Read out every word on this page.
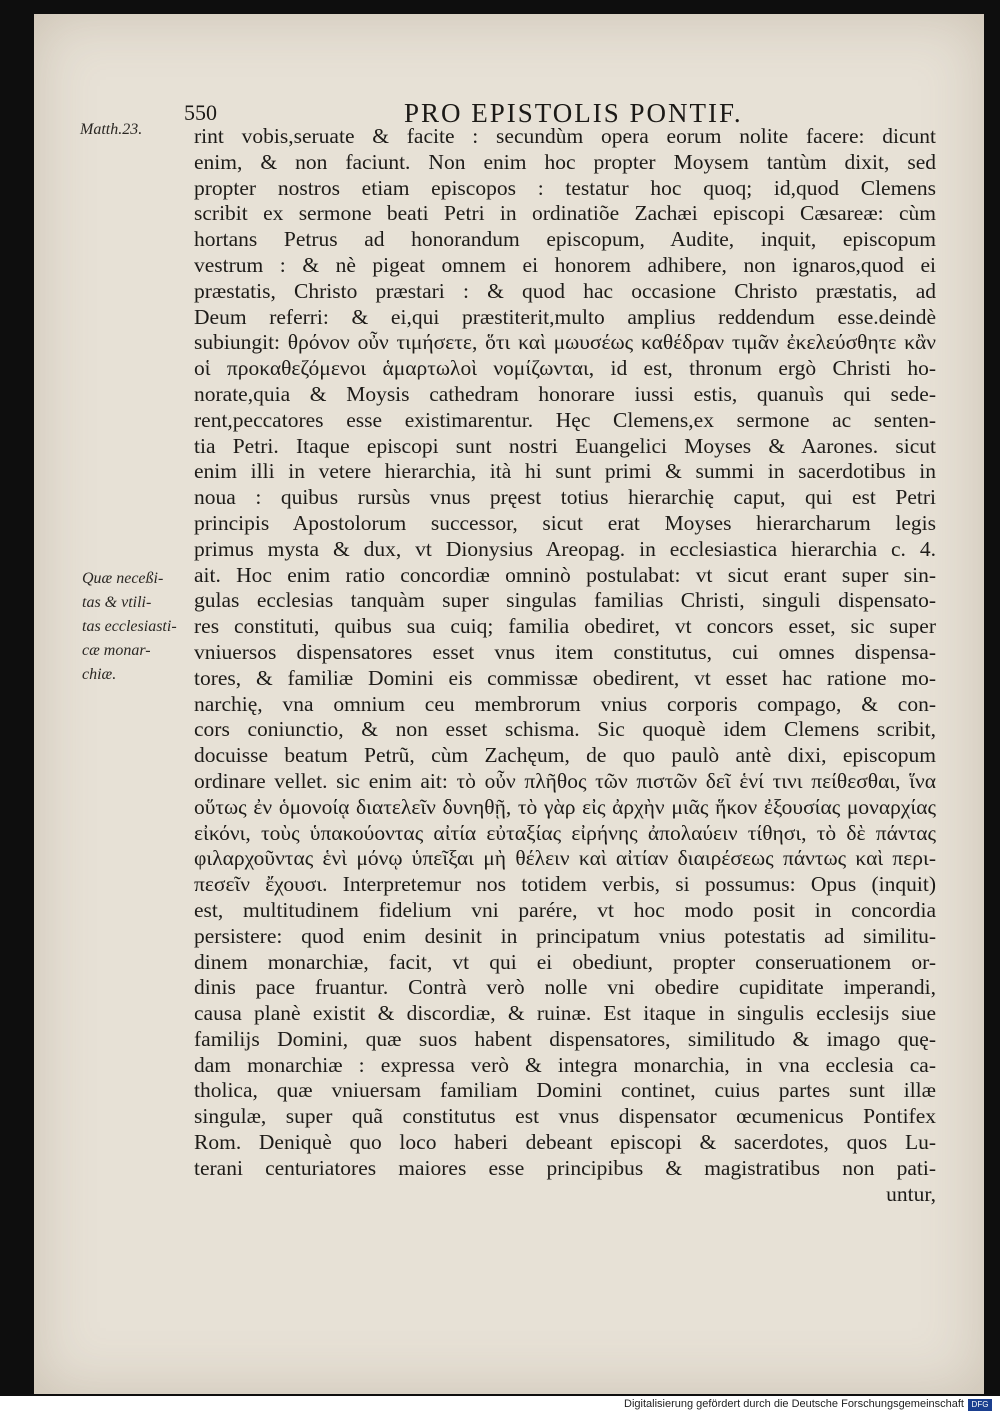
550	PRO EPISTOLIS PONTIF.
Matth.23.
Quæ neceßi-
tas & vtili-
tas ecclesiasti-
cæ monar-
chiæ.
rint vobis,seruate & facite : secundùm opera eorum nolite facere: dicunt
enim, & non faciunt. Non enim hoc propter Moysem tantùm dixit, sed
propter nostros etiam episcopos : testatur hoc quoq; id,quod Clemens
scribit ex sermone beati Petri in ordinatiõe Zachæi episcopi Cæsareæ: cùm
hortans Petrus ad honorandum episcopum, Audite, inquit, episcopum
vestrum : & nè pigeat omnem ei honorem adhibere, non ignaros,quod ei
præstatis, Christo præstari : & quod hac occasione Christo præstatis, ad
Deum referri: & ei,qui præstiterit,multo amplius reddendum esse.deindè
subiungit: θρόνον οὖν τιμήσετε, ὅτι καὶ μωυσέως καθέδραν τιμᾶν ἐκελεύσθητε κἂν
οἱ προκαθεζόμενοι ἁμαρτωλοὶ νομίζωνται, id est, thronum ergò Christi ho-
norate,quia & Moysis cathedram honorare iussi estis, quanuìs qui sede-
rent,peccatores esse existimarentur. Hęc Clemens,ex sermone ac senten-
tia Petri. Itaque episcopi sunt nostri Euangelici Moyses & Aarones. sicut
enim illi in vetere hierarchia, ità hi sunt primi & summi in sacerdotibus in
noua : quibus rursùs vnus pręest totius hierarchię caput, qui est Petri
principis Apostolorum successor, sicut erat Moyses hierarcharum legis
primus mysta & dux, vt Dionysius Areopag. in ecclesiastica hierarchia c. 4.
ait. Hoc enim ratio concordiæ omninò postulabat: vt sicut erant super sin-
gulas ecclesias tanquàm super singulas familias Christi, singuli dispensato-
res constituti, quibus sua cuiq; familia obediret, vt concors esset, sic super
vniuersos dispensatores esset vnus item constitutus, cui omnes dispensa-
tores, & familiæ Domini eis commissæ obedirent, vt esset hac ratione mo-
narchię, vna omnium ceu membrorum vnius corporis compago, & con-
cors coniunctio, & non esset schisma. Sic quoquè idem Clemens scribit,
docuisse beatum Petrũ, cùm Zachęum, de quo paulò antè dixi, episcopum
ordinare vellet. sic enim ait: τὸ οὖν πλῆθος τῶν πιστῶν δεῖ ἑνί τινι πείθεσθαι, ἵνα
οὕτως ἐν ὁμονοίᾳ διατελεῖν δυνηθῇ, τὸ γὰρ εἰς ἀρχὴν μιᾶς ἥκον ἐξουσίας μοναρχίας
εἰκόνι, τοὺς ὑπακούοντας αἰτία εὐταξίας εἰρήνης ἀπολαύειν τίθησι, τὸ δὲ πάντας
φιλαρχοῦντας ἑνὶ μόνῳ ὑπεῖξαι μὴ θέλειν καὶ αἰτίαν διαιρέσεως πάντως καὶ περι-
πεσεῖν ἔχουσι. Interpretemur nos totidem verbis, si possumus: Opus (inquit)
est, multitudinem fidelium vni parére, vt hoc modo posit in concordia
persistere: quod enim desinit in principatum vnius potestatis ad similitu-
dinem monarchiæ, facit, vt qui ei obediunt, propter conseruationem or-
dinis pace fruantur. Contrà verò nolle vni obedire cupiditate imperandi,
causa planè existit & discordiæ, & ruinæ. Est itaque in singulis ecclesijs siue
familijs Domini, quæ suos habent dispensatores, similitudo & imago quę-
dam monarchiæ : expressa verò & integra monarchia, in vna ecclesia ca-
tholica, quæ vniuersam familiam Domini continet, cuius partes sunt illæ
singulæ, super quã constitutus est vnus dispensator œcumenicus Pontifex
Rom. Deniquè quo loco haberi debeant episcopi & sacerdotes, quos Lu-
terani centuriatores maiores esse principibus & magistratibus non pati-
untur,
Digitalisierung gefördert durch die Deutsche Forschungsgemeinschaft DFG
